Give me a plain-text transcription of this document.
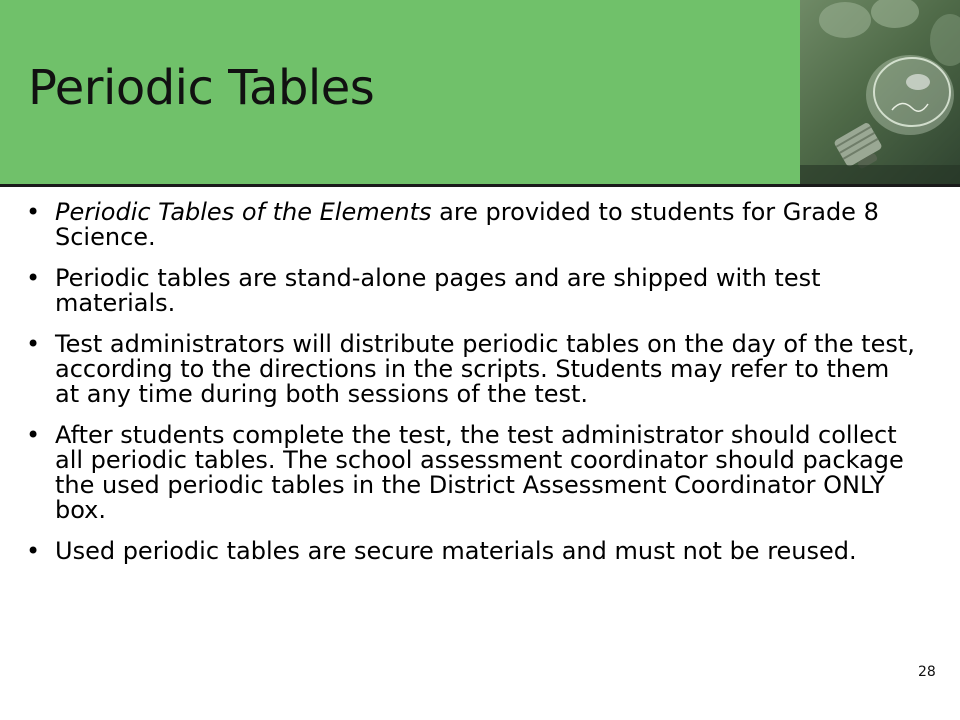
Periodic Tables
• Periodic Tables of the Elements are provided to students for Grade 8 Science.
• Periodic tables are stand-alone pages and are shipped with test materials.
• Test administrators will distribute periodic tables on the day of the test, according to the directions in the scripts. Students may refer to them at any time during both sessions of the test.
• After students complete the test, the test administrator should collect all periodic tables. The school assessment coordinator should package the used periodic tables in the District Assessment Coordinator ONLY box.
• Used periodic tables are secure materials and must not be reused.
28
